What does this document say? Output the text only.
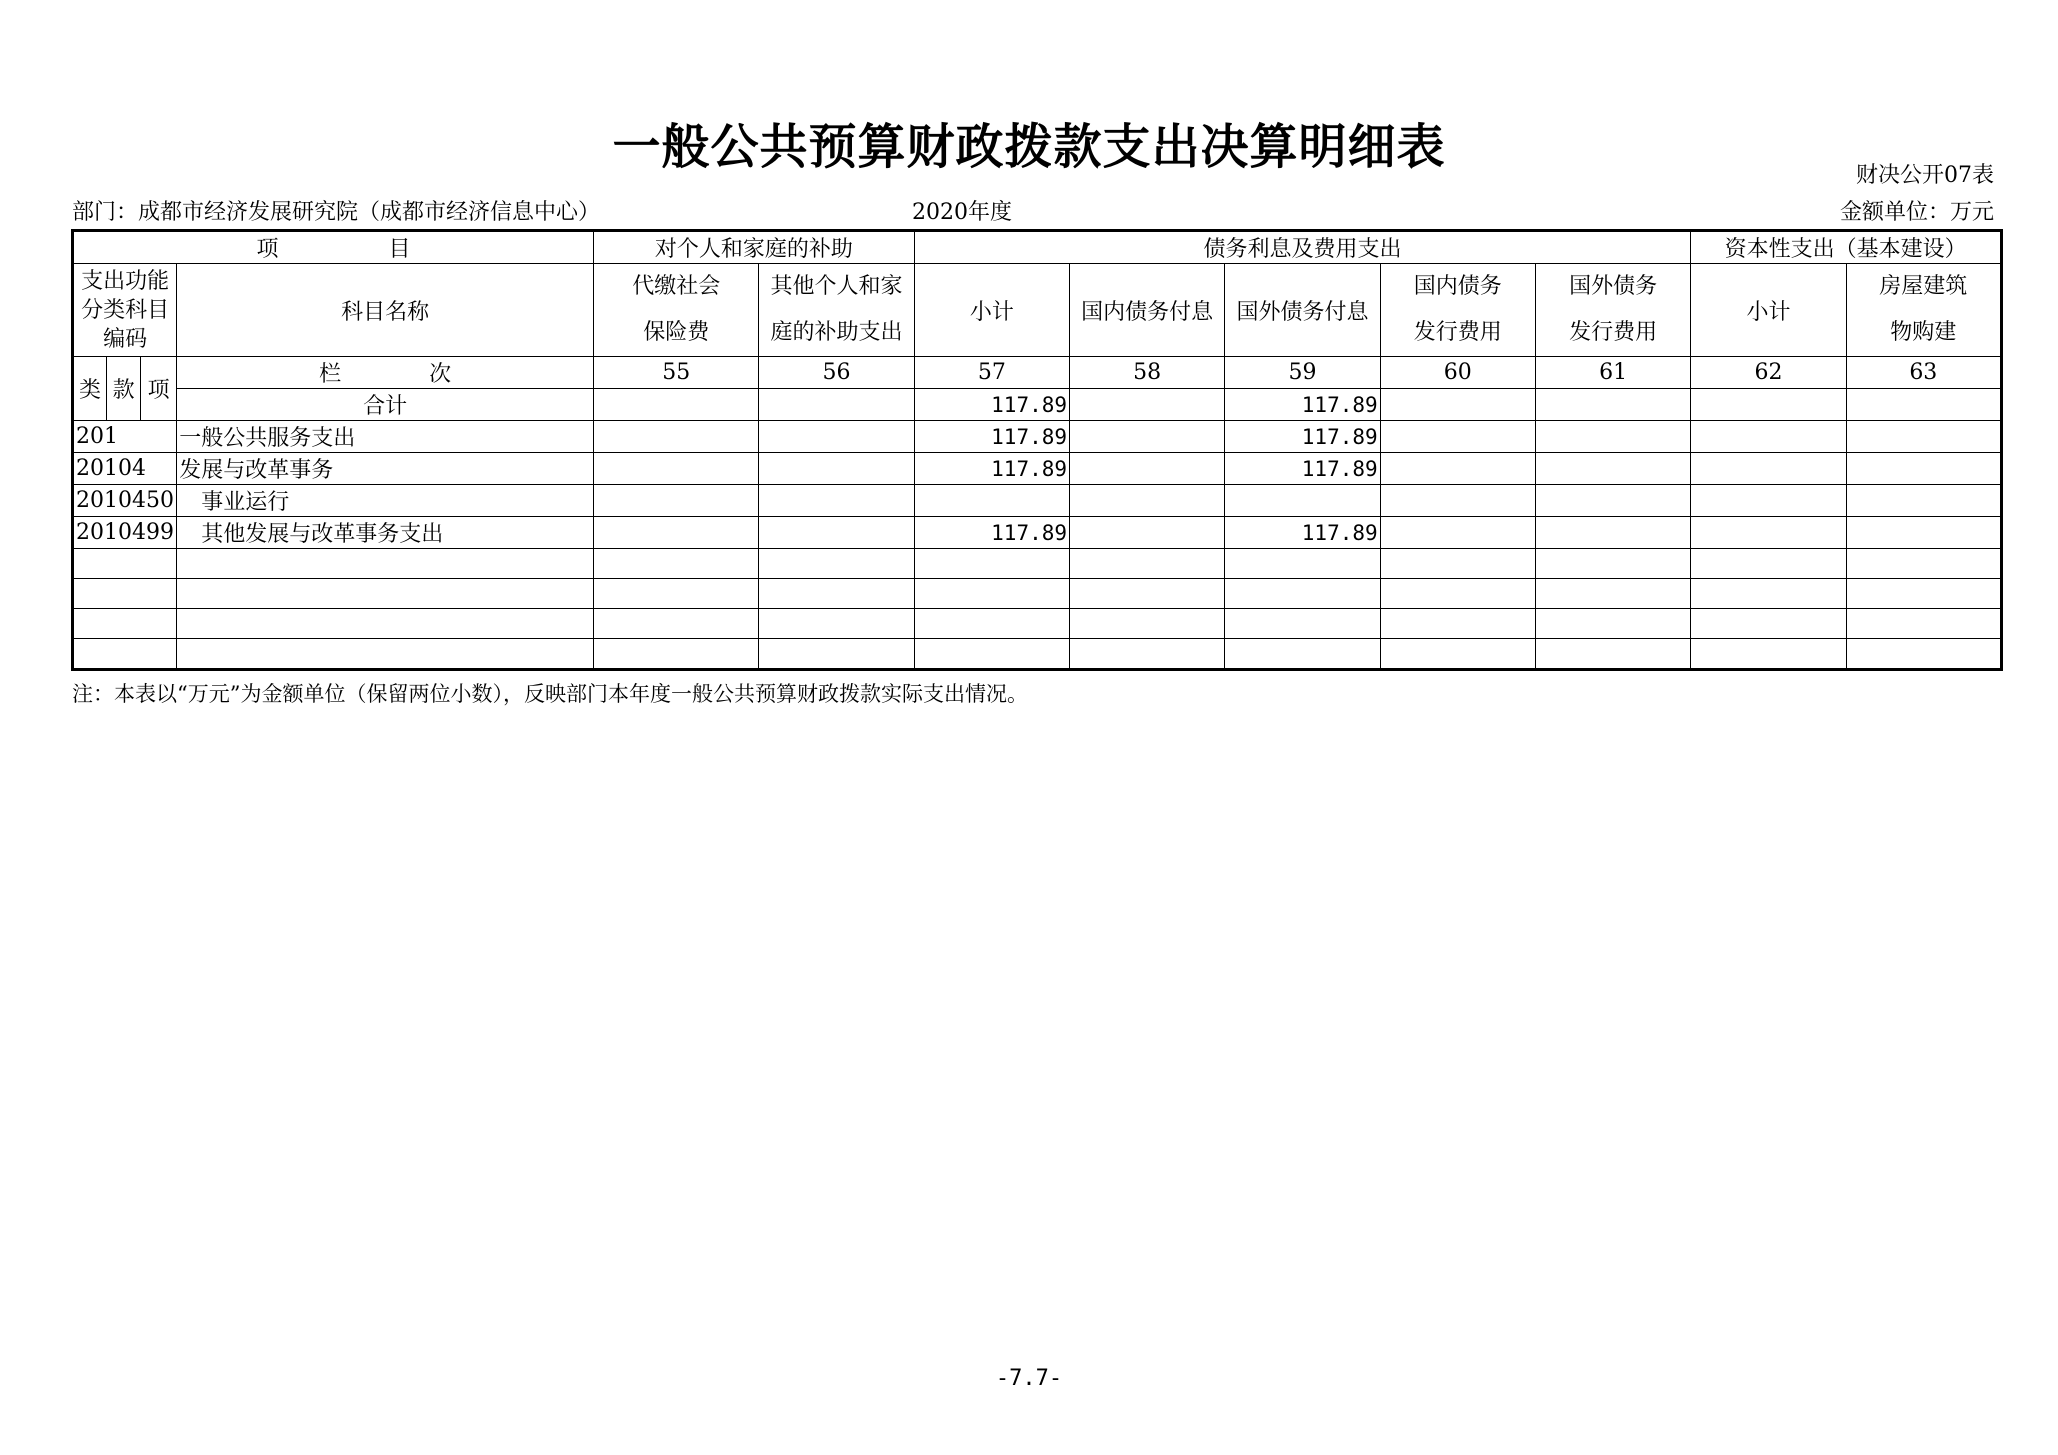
一般公共预算财政拨款支出决算明细表
财决公开07表
部门：成都市经济发展研究院（成都市经济信息中心）	2020年度	金额单位：万元
项　　　　　目				对个人和家庭的补助		债务利息及费用支出					资本性支出（基本建设）	
支出功能分类科目编码			科目名称	代缴社会保险费	其他个人和家庭的补助支出	小计	国内债务付息	国外债务付息	国内债务发行费用	国外债务发行费用	小计	房屋建筑物购建
类	款	项	栏　　　　次	55	56	57	58	59	60	61	62	63
			合计			117.89		117.89				
201			一般公共服务支出			117.89		117.89				
20104			发展与改革事务			117.89		117.89				
2010450			事业运行									
2010499			其他发展与改革事务支出			117.89		117.89				

注：本表以“万元”为金额单位（保留两位小数），反映部门本年度一般公共预算财政拨款实际支出情况。
-7.7-
